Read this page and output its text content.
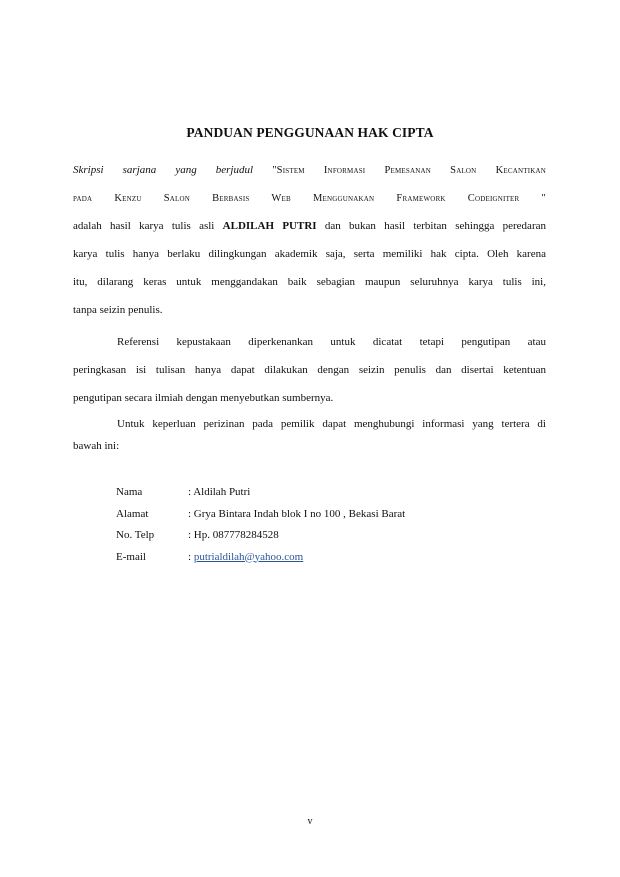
PANDUAN PENGGUNAAN HAK CIPTA
Skripsi sarjana yang berjudul "Sistem Informasi Pemesanan Salon Kecantikan
pada Kenzu Salon Berbasis Web Menggunakan Framework Codeigniter "
adalah hasil karya tulis asli ALDILAH PUTRI dan bukan hasil terbitan sehingga peredaran
karya tulis hanya berlaku dilingkungan akademik saja, serta memiliki hak cipta. Oleh karena
itu, dilarang keras untuk menggandakan baik sebagian maupun seluruhnya karya tulis ini,
tanpa seizin penulis.
Referensi kepustakaan diperkenankan untuk dicatat tetapi pengutipan atau
peringkasan isi tulisan hanya dapat dilakukan dengan seizin penulis dan disertai ketentuan
pengutipan secara ilmiah dengan menyebutkan sumbernya.
Untuk keperluan perizinan pada pemilik dapat menghubungi informasi yang tertera di
bawah ini:
Nama	: Aldilah Putri
Alamat	: Grya Bintara Indah blok I no 100 , Bekasi Barat
No. Telp	: Hp. 087778284528
E-mail	: putrialdilah@yahoo.com
v
